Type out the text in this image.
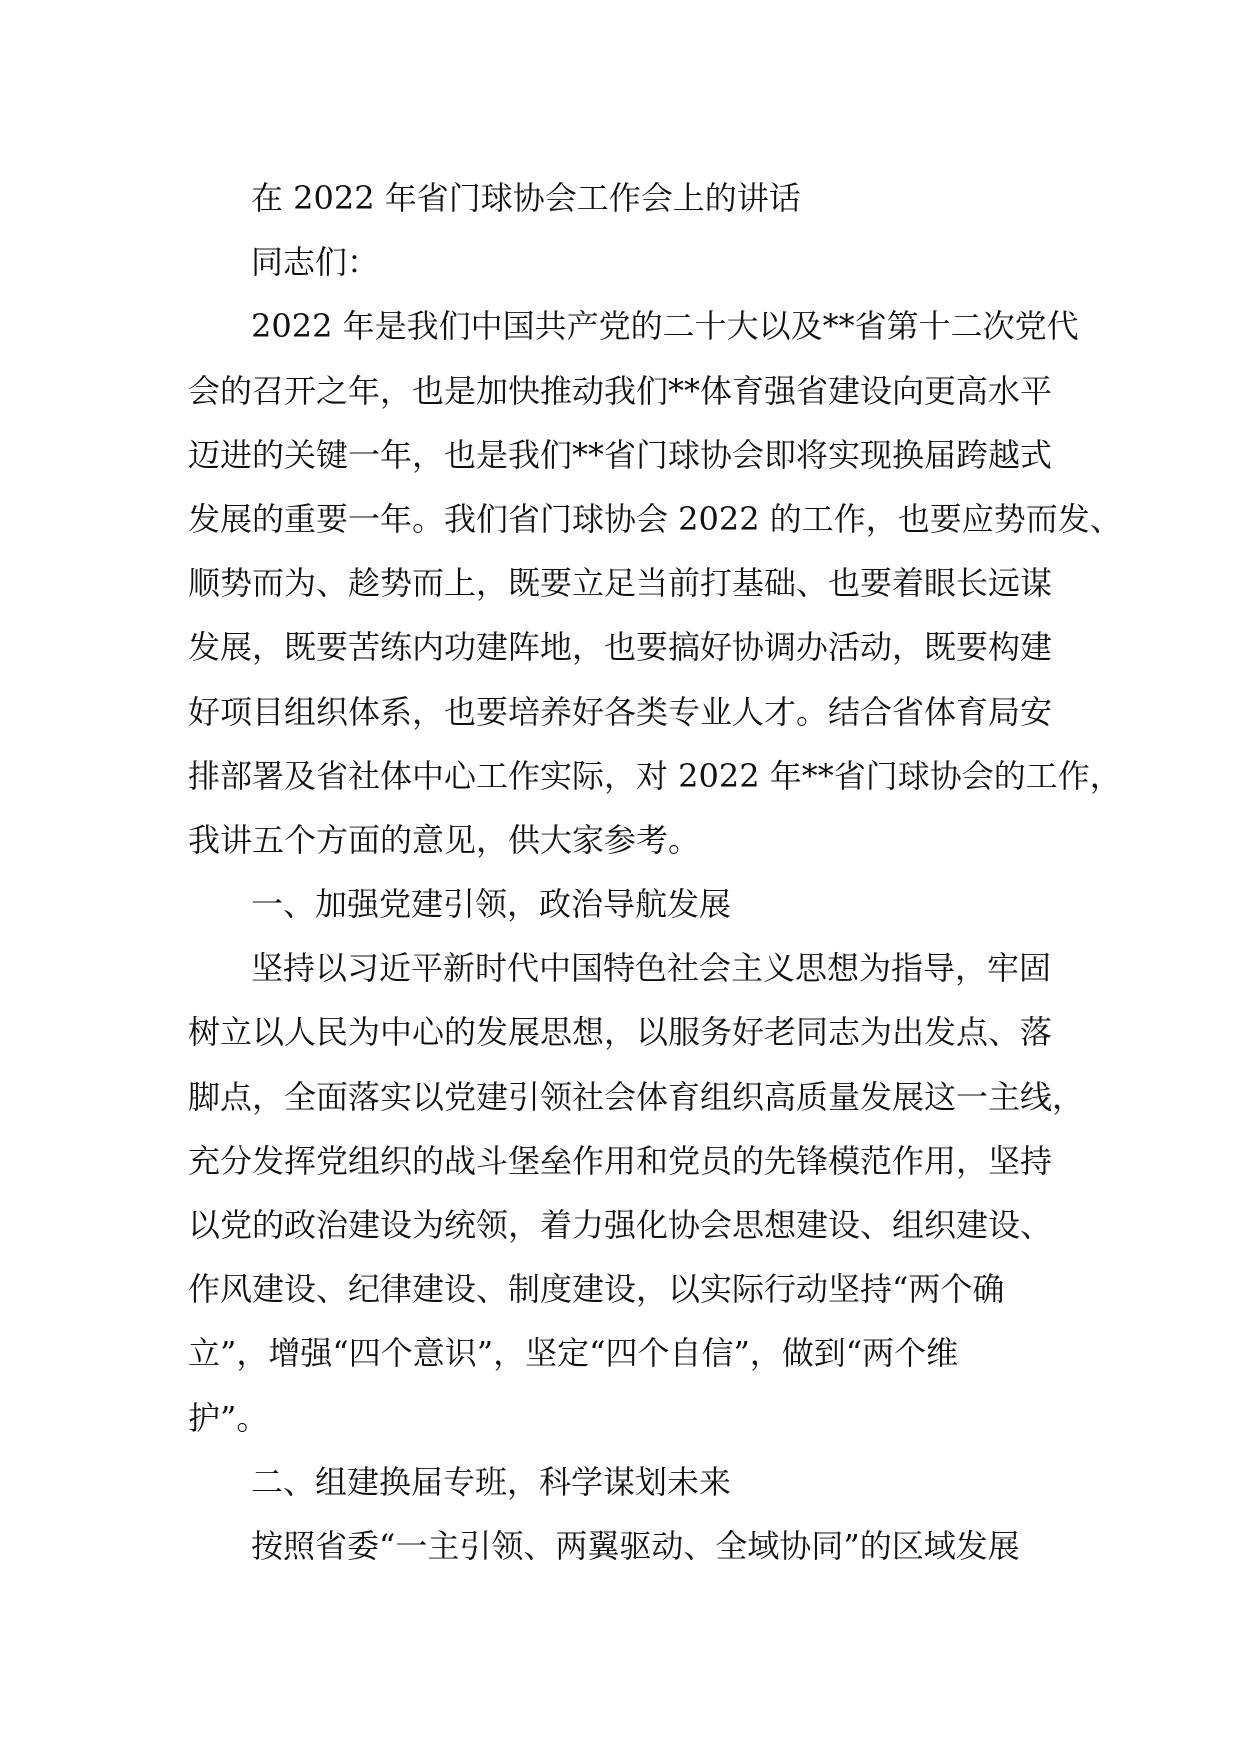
在 2022 年省门球协会工作会上的讲话
同志们：
2022 年是我们中国共产党的二十大以及**省第十二次党代
会的召开之年，也是加快推动我们**体育强省建设向更高水平
迈进的关键一年，也是我们**省门球协会即将实现换届跨越式
发展的重要一年。我们省门球协会 2022 的工作，也要应势而发、
顺势而为、趁势而上，既要立足当前打基础、也要着眼长远谋
发展，既要苦练内功建阵地，也要搞好协调办活动，既要构建
好项目组织体系，也要培养好各类专业人才。结合省体育局安
排部署及省社体中心工作实际，对 2022 年**省门球协会的工作，
我讲五个方面的意见，供大家参考。
一、加强党建引领，政治导航发展
坚持以习近平新时代中国特色社会主义思想为指导，牢固
树立以人民为中心的发展思想，以服务好老同志为出发点、落
脚点，全面落实以党建引领社会体育组织高质量发展这一主线，
充分发挥党组织的战斗堡垒作用和党员的先锋模范作用，坚持
以党的政治建设为统领，着力强化协会思想建设、组织建设、
作风建设、纪律建设、制度建设，以实际行动坚持“两个确
立”，增强“四个意识”，坚定“四个自信”，做到“两个维
护”。
二、组建换届专班，科学谋划未来
按照省委“一主引领、两翼驱动、全域协同”的区域发展
